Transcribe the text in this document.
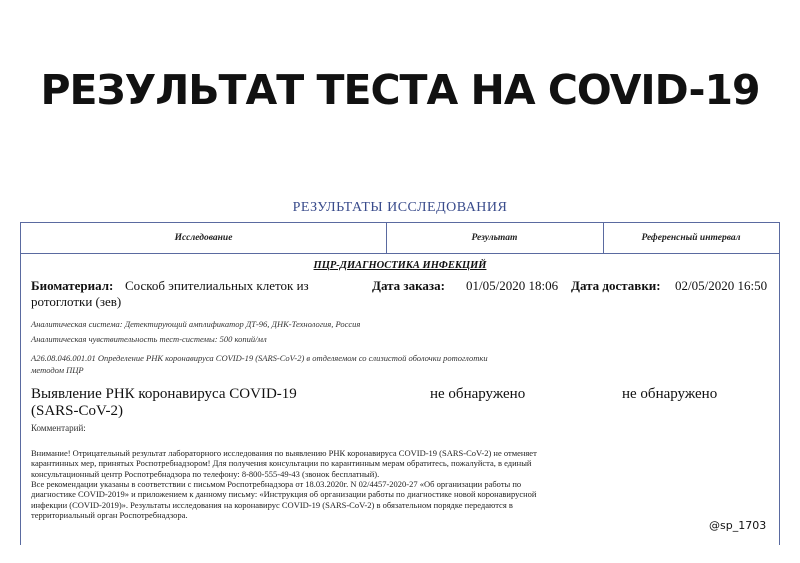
РЕЗУЛЬТАТ ТЕСТА НА COVID-19
РЕЗУЛЬТАТЫ ИССЛЕДОВАНИЯ
Исследование	Результат	Референсный интервал
ПЦР-ДИАГНОСТИКА ИНФЕКЦИЙ
Биоматериал: Соскоб эпителиальных клеток из
ротоглотки (зев)
Дата заказа: 01/05/2020 18:06 Дата доставки: 02/05/2020 16:50
Аналитическая система: Детектирующий амплификатор ДТ-96, ДНК-Технология, Россия
Аналитическая чувствительность тест-системы: 500 копий/мл
A26.08.046.001.01 Определение РНК коронавируса COVID-19 (SARS-CoV-2) в отделяемом со слизистой оболочки ротоглотки
методом ПЦР
Выявление РНК коронавируса COVID-19
(SARS-CoV-2)
не обнаружено	не обнаружено
Комментарий:
Внимание! Отрицательный результат лабораторного исследования по выявлению РНК коронавируса COVID-19 (SARS-CoV-2) не отменяет
карантинных мер, принятых Роспотребнадзором! Для получения консультации по карантинным мерам обратитесь, пожалуйста, в единый
консультационный центр Роспотребнадзора по телефону: 8-800-555-49-43 (звонок бесплатный).
Все рекомендации указаны в соответствии с письмом Роспотребнадзора от 18.03.2020г. N 02/4457-2020-27 «Об организации работы по
диагностике COVID-2019» и приложением к данному письму: «Инструкция об организации работы по диагностике новой коронавирусной
инфекции (COVID-2019)». Результаты исследования на коронавирус COVID-19 (SARS-CoV-2) в обязательном порядке передаются в
территориальный орган Роспотребнадзора.
@sp_1703
